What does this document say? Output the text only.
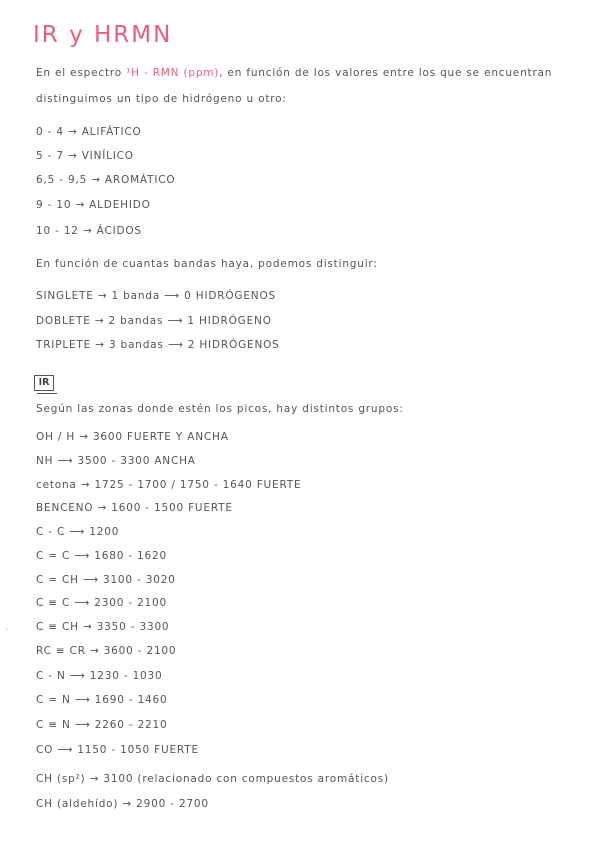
IR y HRMN
En el espectro ¹H - RMN (ppm), en función de los valores entre los que se encuentran
distinguimos un tipo de hidrógeno u otro:
0 - 4 → ALIFÁTICO
5 - 7 → VINÍLICO
6,5 - 9,5 → AROMÁTICO
9 - 10 → ALDEHIDO
10 - 12 → ÁCIDOS
En función de cuantas bandas haya, podemos distinguir:
SINGLETE → 1 banda ⟶ 0 HIDRÓGENOS
DOBLETE → 2 bandas ⟶ 1 HIDRÓGENO
TRIPLETE → 3 bandas ⟶ 2 HIDRÓGENOS
IR
Según las zonas donde estén los picos, hay distintos grupos:
OH / H → 3600 FUERTE Y ANCHA
NH ⟶ 3500 - 3300 ANCHA
cetona → 1725 - 1700 / 1750 - 1640 FUERTE
BENCENO → 1600 - 1500 FUERTE
C - C ⟶ 1200
C = C ⟶ 1680 - 1620
C = CH ⟶ 3100 - 3020
C ≡ C ⟶ 2300 - 2100
C ≡ CH → 3350 - 3300
RC ≡ CR → 3600 - 2100
C - N ⟶ 1230 - 1030
C = N ⟶ 1690 - 1460
C ≡ N ⟶ 2260 - 2210
CO ⟶ 1150 - 1050 FUERTE
CH (sp²) → 3100 (relacionado con compuestos aromáticos)
CH (aldehído) → 2900 - 2700
`
